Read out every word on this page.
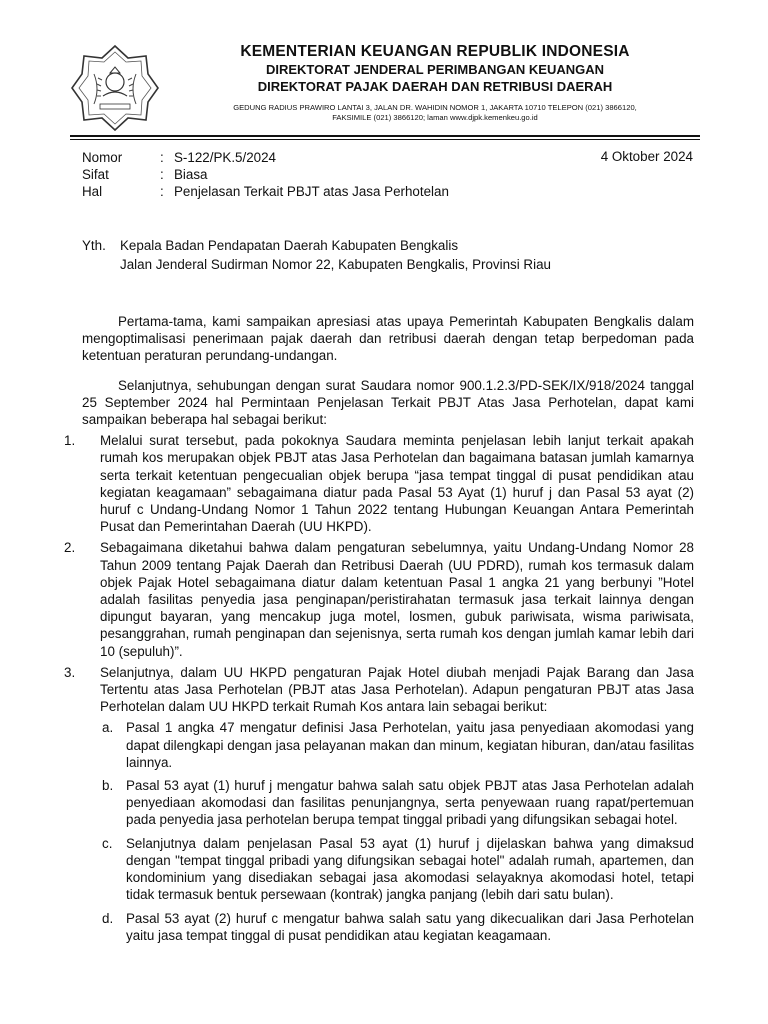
KEMENTERIAN KEUANGAN REPUBLIK INDONESIA
DIREKTORAT JENDERAL PERIMBANGAN KEUANGAN
DIREKTORAT PAJAK DAERAH DAN RETRIBUSI DAERAH
GEDUNG RADIUS PRAWIRO LANTAI 3, JALAN DR. WAHIDIN NOMOR 1, JAKARTA 10710 TELEPON (021) 3866120,
FAKSIMILE (021) 3866120; laman www.djpk.kemenkeu.go.id
Nomor	: S-122/PK.5/2024
Sifat	: Biasa
Hal	: Penjelasan Terkait PBJT atas Jasa Perhotelan
4 Oktober 2024
Yth.	Kepala Badan Pendapatan Daerah Kabupaten Bengkalis
Jalan Jenderal Sudirman Nomor 22, Kabupaten Bengkalis, Provinsi Riau

Pertama-tama, kami sampaikan apresiasi atas upaya Pemerintah Kabupaten Bengkalis dalam mengoptimalisasi penerimaan pajak daerah dan retribusi daerah dengan tetap berpedoman pada ketentuan peraturan perundang-undangan.

Selanjutnya, sehubungan dengan surat Saudara nomor 900.1.2.3/PD-SEK/IX/918/2024 tanggal 25 September 2024 hal Permintaan Penjelasan Terkait PBJT Atas Jasa Perhotelan, dapat kami sampaikan beberapa hal sebagai berikut:

1. Melalui surat tersebut, pada pokoknya Saudara meminta penjelasan lebih lanjut terkait apakah rumah kos merupakan objek PBJT atas Jasa Perhotelan dan bagaimana batasan jumlah kamarnya serta terkait ketentuan pengecualian objek berupa “jasa tempat tinggal di pusat pendidikan atau kegiatan keagamaan” sebagaimana diatur pada Pasal 53 Ayat (1) huruf j dan Pasal 53 ayat (2) huruf c Undang-Undang Nomor 1 Tahun 2022 tentang Hubungan Keuangan Antara Pemerintah Pusat dan Pemerintahan Daerah (UU HKPD).
2. Sebagaimana diketahui bahwa dalam pengaturan sebelumnya, yaitu Undang-Undang Nomor 28 Tahun 2009 tentang Pajak Daerah dan Retribusi Daerah (UU PDRD), rumah kos termasuk dalam objek Pajak Hotel sebagaimana diatur dalam ketentuan Pasal 1 angka 21 yang berbunyi ”Hotel adalah fasilitas penyedia jasa penginapan/peristirahatan termasuk jasa terkait lainnya dengan dipungut bayaran, yang mencakup juga motel, losmen, gubuk pariwisata, wisma pariwisata, pesanggrahan, rumah penginapan dan sejenisnya, serta rumah kos dengan jumlah kamar lebih dari 10 (sepuluh)”.
3. Selanjutnya, dalam UU HKPD pengaturan Pajak Hotel diubah menjadi Pajak Barang dan Jasa Tertentu atas Jasa Perhotelan (PBJT atas Jasa Perhotelan). Adapun pengaturan PBJT atas Jasa Perhotelan dalam UU HKPD terkait Rumah Kos antara lain sebagai berikut:
a. Pasal 1 angka 47 mengatur definisi Jasa Perhotelan, yaitu jasa penyediaan akomodasi yang dapat dilengkapi dengan jasa pelayanan makan dan minum, kegiatan hiburan, dan/atau fasilitas lainnya.
b. Pasal 53 ayat (1) huruf j mengatur bahwa salah satu objek PBJT atas Jasa Perhotelan adalah penyediaan akomodasi dan fasilitas penunjangnya, serta penyewaan ruang rapat/pertemuan pada penyedia jasa perhotelan berupa tempat tinggal pribadi yang difungsikan sebagai hotel.
c.	Selanjutnya dalam penjelasan Pasal 53 ayat (1) huruf j dijelaskan bahwa yang dimaksud dengan "tempat tinggal pribadi yang difungsikan sebagai hotel" adalah rumah, apartemen, dan kondominium yang disediakan sebagai jasa akomodasi selayaknya akomodasi hotel, tetapi tidak termasuk bentuk persewaan (kontrak) jangka panjang (lebih dari satu bulan).
d. Pasal 53 ayat (2) huruf c mengatur bahwa salah satu yang dikecualikan dari Jasa Perhotelan yaitu jasa tempat tinggal di pusat pendidikan atau kegiatan keagamaan.
